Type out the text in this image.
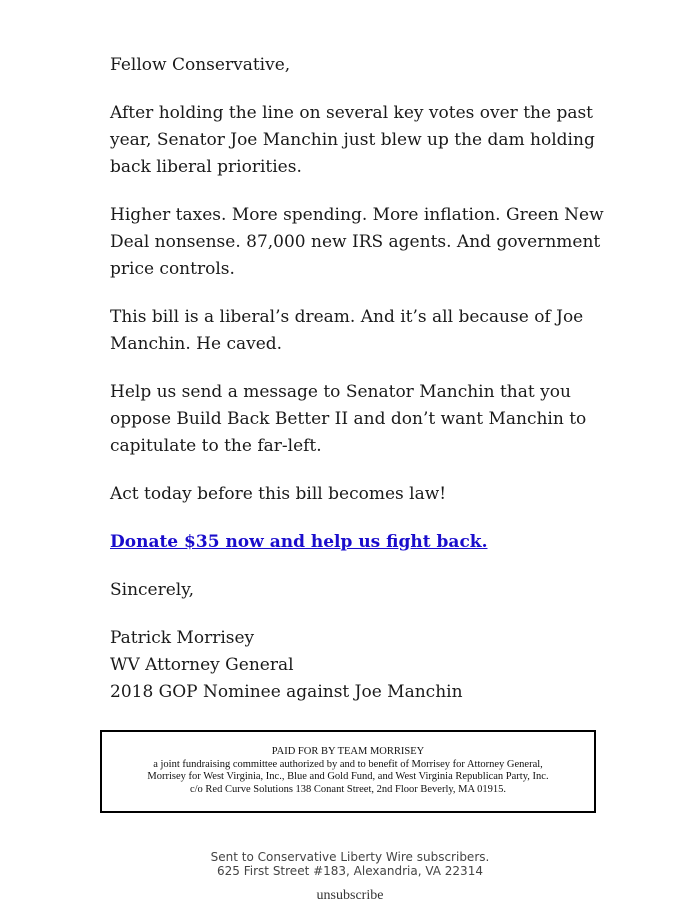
Fellow Conservative,

After holding the line on several key votes over the past year, Senator Joe Manchin just blew up the dam holding back liberal priorities.

Higher taxes. More spending. More inflation. Green New Deal nonsense. 87,000 new IRS agents. And government price controls.

This bill is a liberal’s dream. And it’s all because of Joe Manchin. He caved.

Help us send a message to Senator Manchin that you oppose Build Back Better II and don’t want Manchin to capitulate to the far-left.

Act today before this bill becomes law!

Donate $35 now and help us fight back.

Sincerely,

Patrick Morrisey
WV Attorney General
2018 GOP Nominee against Joe Manchin

PAID FOR BY TEAM MORRISEY
a joint fundraising committee authorized by and to benefit of Morrisey for Attorney General,
Morrisey for West Virginia, Inc., Blue and Gold Fund, and West Virginia Republican Party, Inc.
c/o Red Curve Solutions 138 Conant Street, 2nd Floor Beverly, MA 01915.
Sent to Conservative Liberty Wire subscribers.
625 First Street #183, Alexandria, VA 22314
unsubscribe
